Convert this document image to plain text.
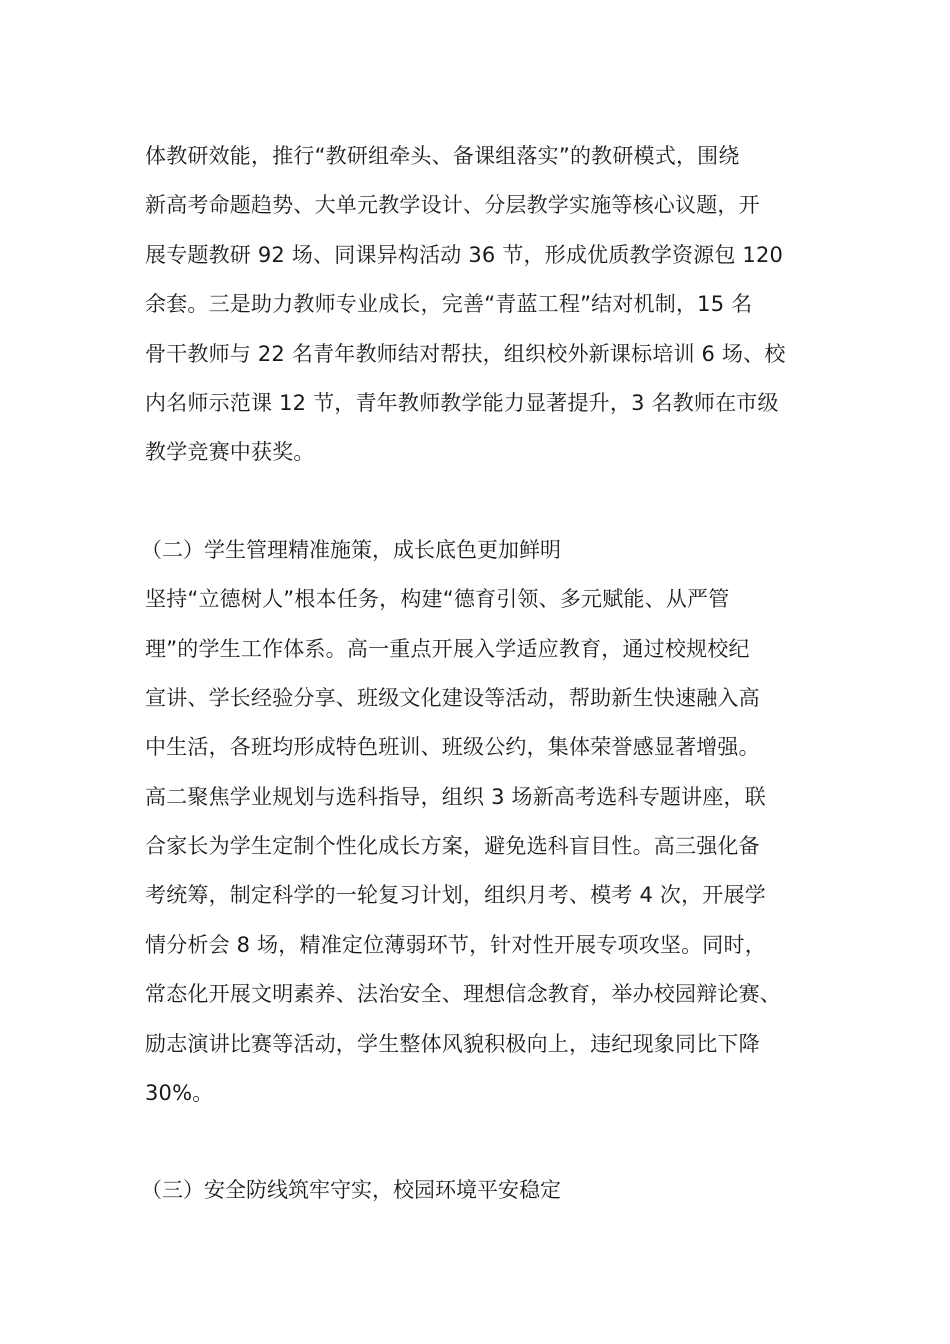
体教研效能，推行“教研组牵头、备课组落实”的教研模式，围绕
新高考命题趋势、大单元教学设计、分层教学实施等核心议题，开
展专题教研 92 场、同课异构活动 36 节，形成优质教学资源包 120
余套。三是助力教师专业成长，完善“青蓝工程”结对机制，15 名
骨干教师与 22 名青年教师结对帮扶，组织校外新课标培训 6 场、校
内名师示范课 12 节，青年教师教学能力显著提升，3 名教师在市级
教学竞赛中获奖。
（二）学生管理精准施策，成长底色更加鲜明
坚持“立德树人”根本任务，构建“德育引领、多元赋能、从严管
理”的学生工作体系。高一重点开展入学适应教育，通过校规校纪
宣讲、学长经验分享、班级文化建设等活动，帮助新生快速融入高
中生活，各班均形成特色班训、班级公约，集体荣誉感显著增强。
高二聚焦学业规划与选科指导，组织 3 场新高考选科专题讲座，联
合家长为学生定制个性化成长方案，避免选科盲目性。高三强化备
考统筹，制定科学的一轮复习计划，组织月考、模考 4 次，开展学
情分析会 8 场，精准定位薄弱环节，针对性开展专项攻坚。同时，
常态化开展文明素养、法治安全、理想信念教育，举办校园辩论赛、
励志演讲比赛等活动，学生整体风貌积极向上，违纪现象同比下降
30%。
（三）安全防线筑牢守实，校园环境平安稳定
